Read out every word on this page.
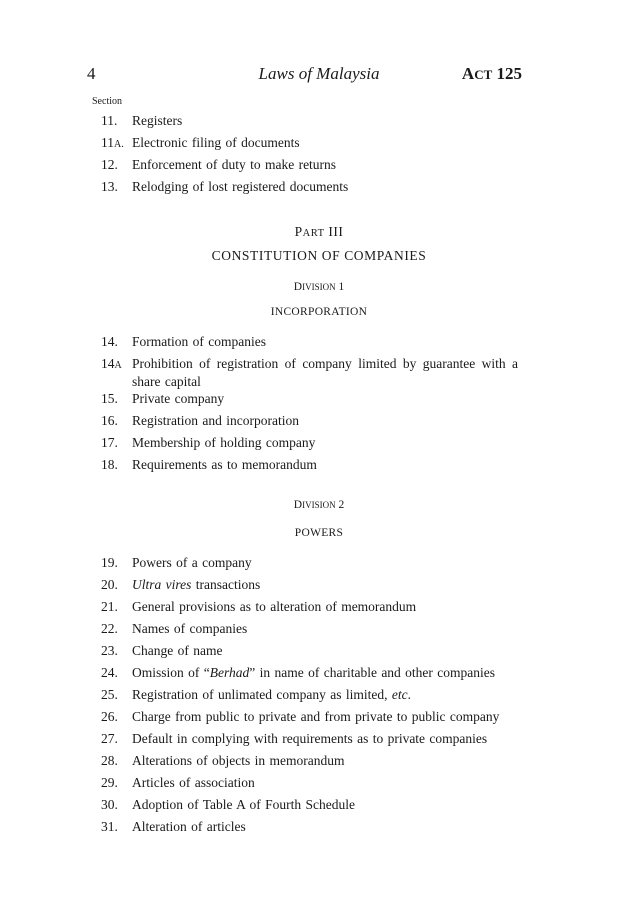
4	Laws of Malaysia	ACT 125
Section
11. Registers
11A. Electronic filing of documents
12. Enforcement of duty to make returns
13. Relodging of lost registered documents
PART III
CONSTITUTION OF COMPANIES
DIVISION 1
INCORPORATION
14. Formation of companies
14A Prohibition of registration of company limited by guarantee with a share capital
15. Private company
16. Registration and incorporation
17. Membership of holding company
18. Requirements as to memorandum
DIVISION 2
POWERS
19. Powers of a company
20. Ultra vires transactions
21. General provisions as to alteration of memorandum
22. Names of companies
23. Change of name
24. Omission of “Berhad” in name of charitable and other companies
25. Registration of unlimated company as limited, etc.
26. Charge from public to private and from private to public company
27. Default in complying with requirements as to private companies
28. Alterations of objects in memorandum
29. Articles of association
30. Adoption of Table A of Fourth Schedule
31. Alteration of articles
